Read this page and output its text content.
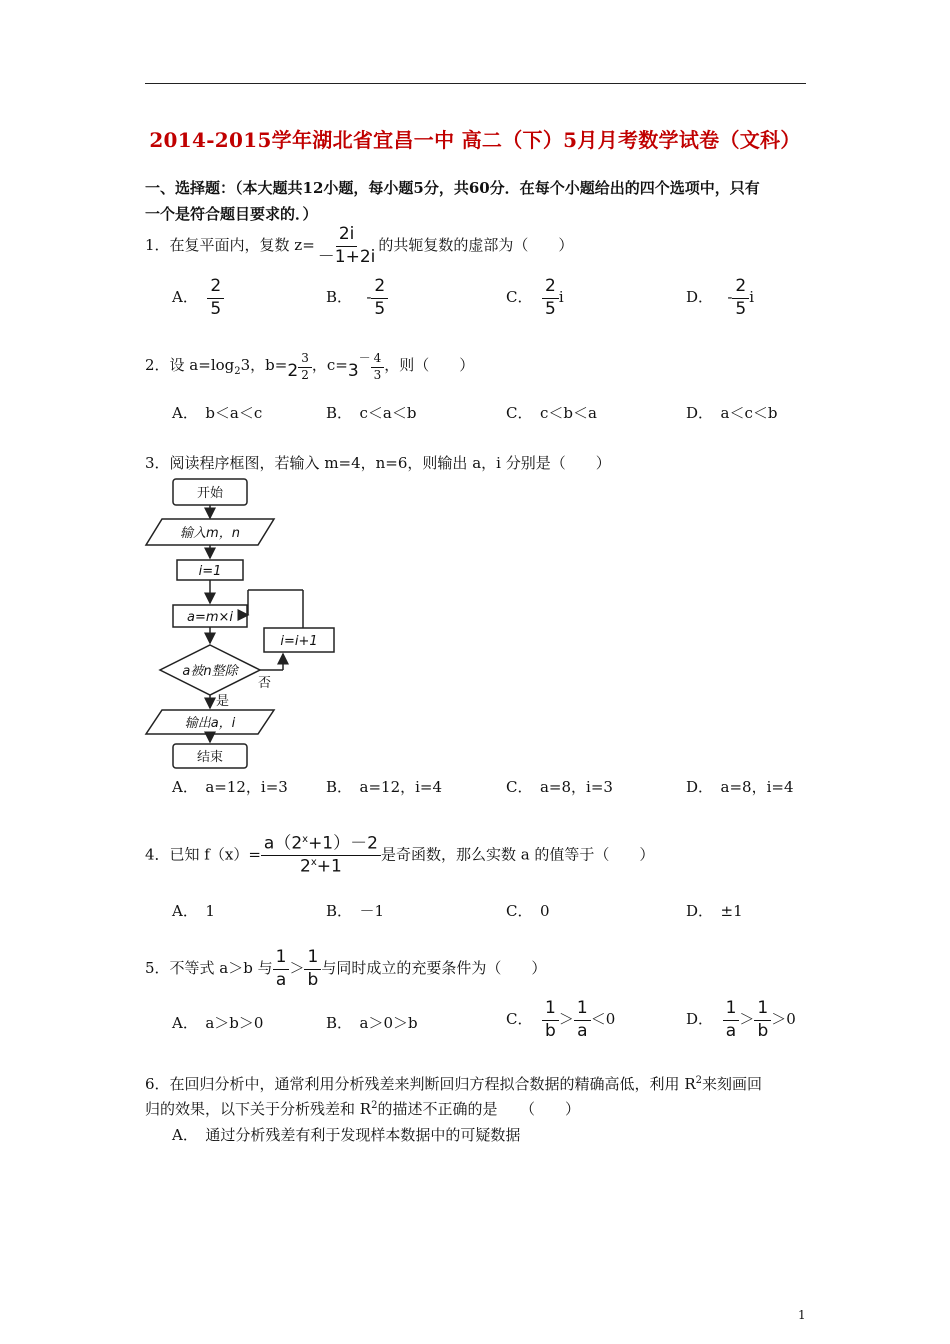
2014-2015学年湖北省宜昌一中 高二（下）5月月考数学试卷（文科）
一、选择题：（本大题共12小题，每小题5分，共60分．在每个小题给出的四个选项中，只有
一个是符合题目要求的．）
1．在复平面内，复数 $z= \frac{2i}{-1+2i}$ 的共轭复数的虚部为（　　）
A． $\frac{2}{5}$	B． - $\frac{2}{5}$	C． $\frac{2}{5}$ i	D． - $\frac{2}{5}$ i
2．设 $a=\log_23$，$b=2 \frac{3}{2}$ ，$c=3^- \frac{4}{3}$ ，则（　　）
A．　b＜a＜c	B．　c＜a＜b	C．　c＜b＜a	D．　a＜c＜b
3．阅读程序框图，若输入 m=4，n=6，则输出 a，i 分别是（　　）
开始
输入m，n
i=1
a=m×i
i=i+1
a被n整除
否
是
输出a，i
结束
A．　a=12，i=3	B．　a=12，i=4	C．　a=8，i=3	D．　a=8，i=4
4．已知 $f(x)= \frac{a(2^x+1)-2}{2^x+1}$ 是奇函数，那么实数 a 的值等于（　　）
A．　1	B．　－1	C．　0	D．　±1
5．不等式 a＞b 与 $\frac{1}{a} > \frac{1}{b}$ 与同时成立的充要条件为（　　）
A．　a＞b＞0	B．　a＞0＞b	C． $\frac{1}{b} > \frac{1}{a} <0$	D． $\frac{1}{a} > \frac{1}{b} >0$
6．在回归分析中，通常利用分析残差来判断回归方程拟合数据的精确高低，利用 $R^2$来刻画回
归的效果，以下关于分析残差和 $R^2$的描述不正确的是　　（　　）
A．　通过分析残差有利于发现样本数据中的可疑数据
1
